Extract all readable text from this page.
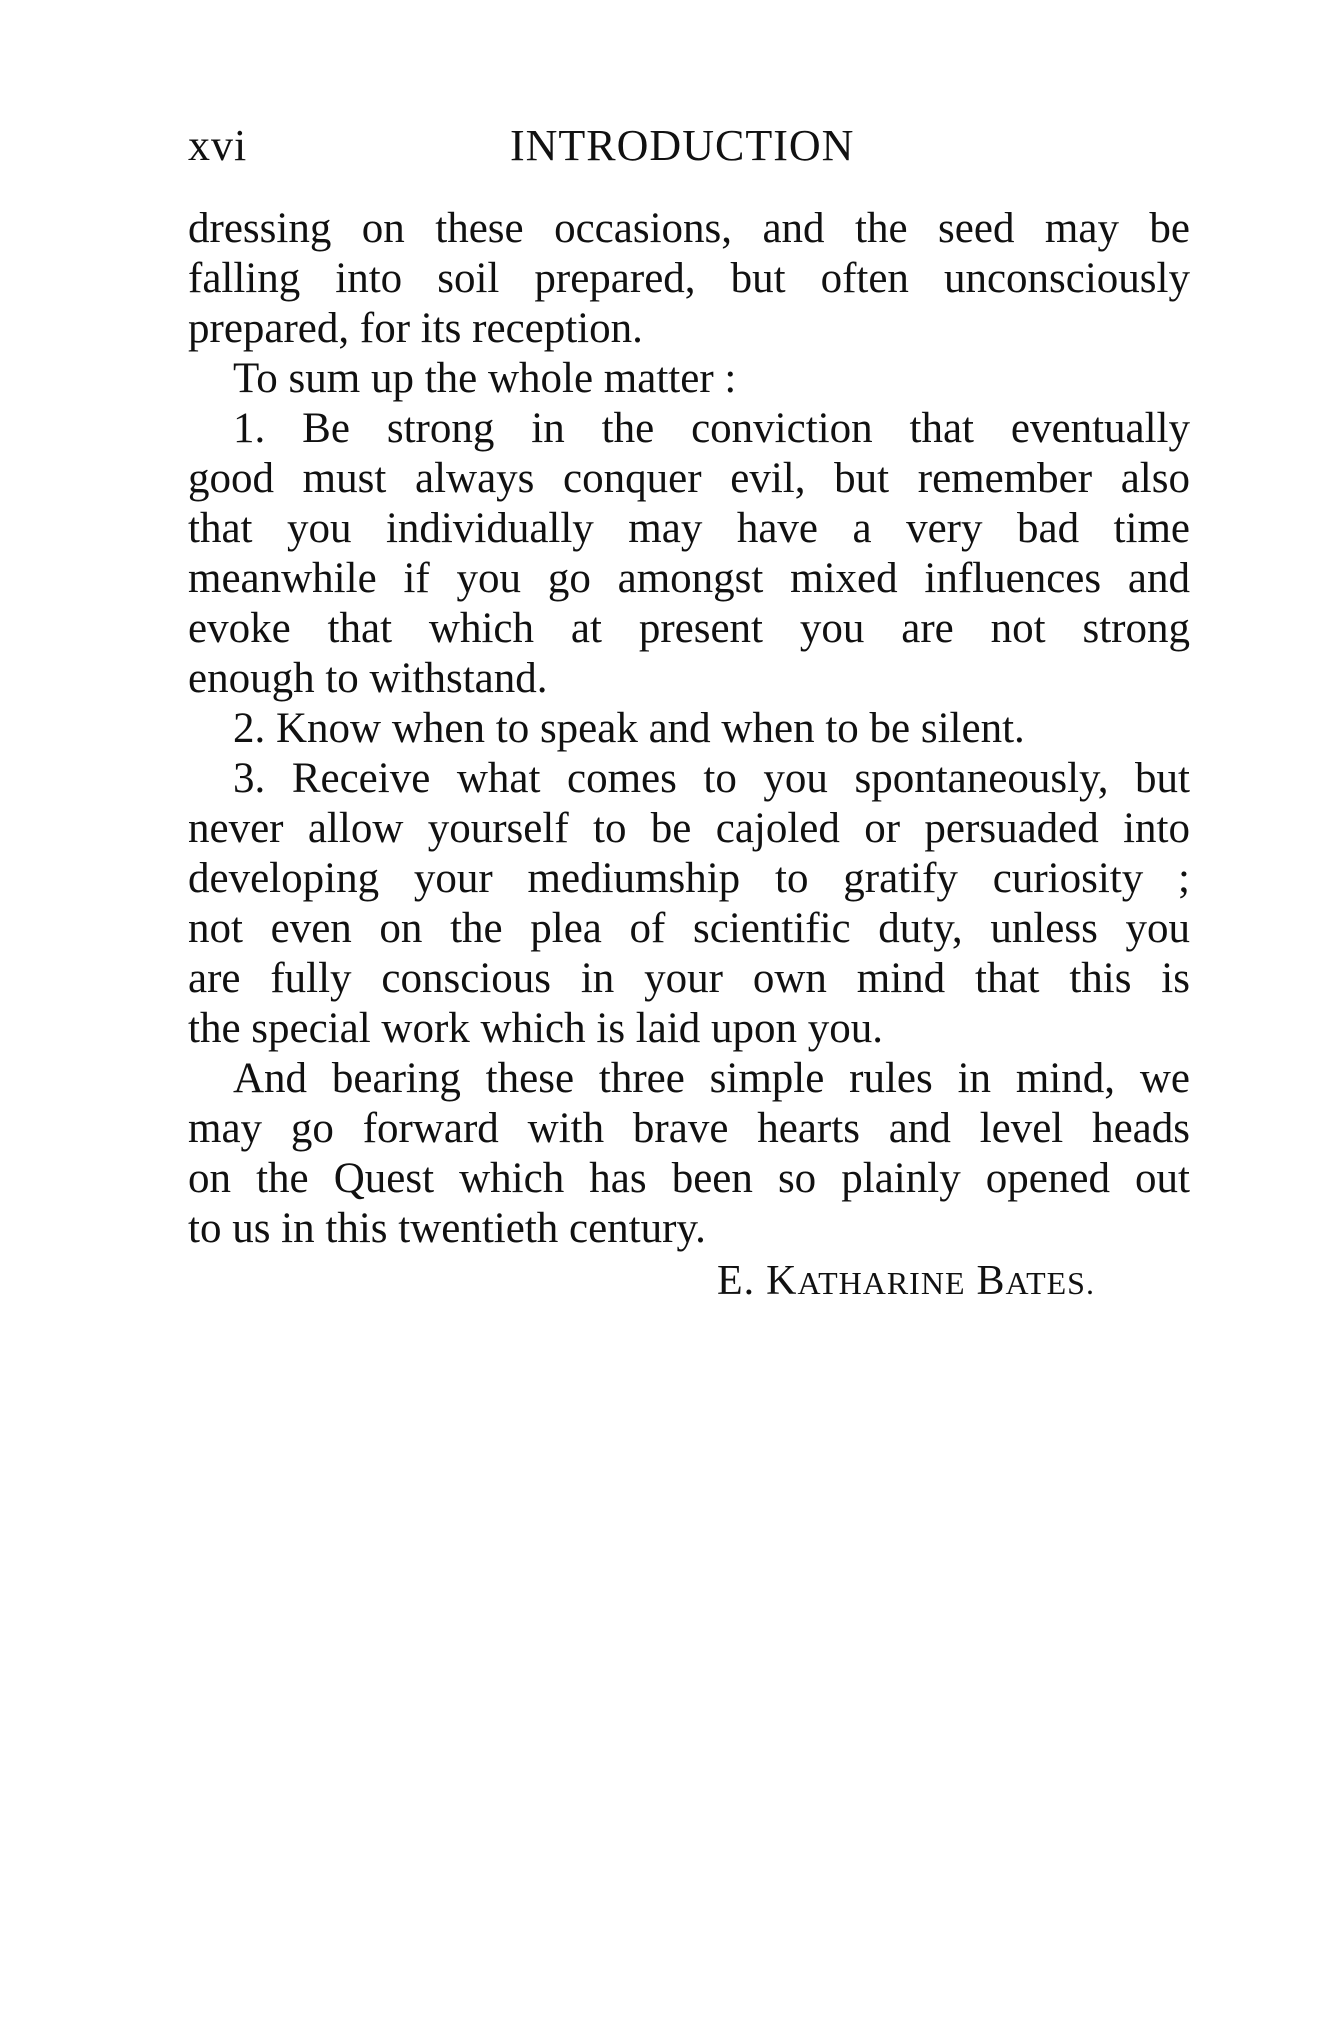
xvi	INTRODUCTION
dressing on these occasions, and the seed may be
falling into soil prepared, but often unconsciously
prepared, for its reception.
To sum up the whole matter :
1. Be strong in the conviction that eventually
good must always conquer evil, but remember also
that you individually may have a very bad time
meanwhile if you go amongst mixed influences and
evoke that which at present you are not strong
enough to withstand.
2. Know when to speak and when to be silent.
3. Receive what comes to you spontaneously, but
never allow yourself to be cajoled or persuaded into
developing your mediumship to gratify curiosity ;
not even on the plea of scientific duty, unless you
are fully conscious in your own mind that this is
the special work which is laid upon you.
And bearing these three simple rules in mind, we
may go forward with brave hearts and level heads
on the Quest which has been so plainly opened out
to us in this twentieth century.
E. KATHARINE BATES.
